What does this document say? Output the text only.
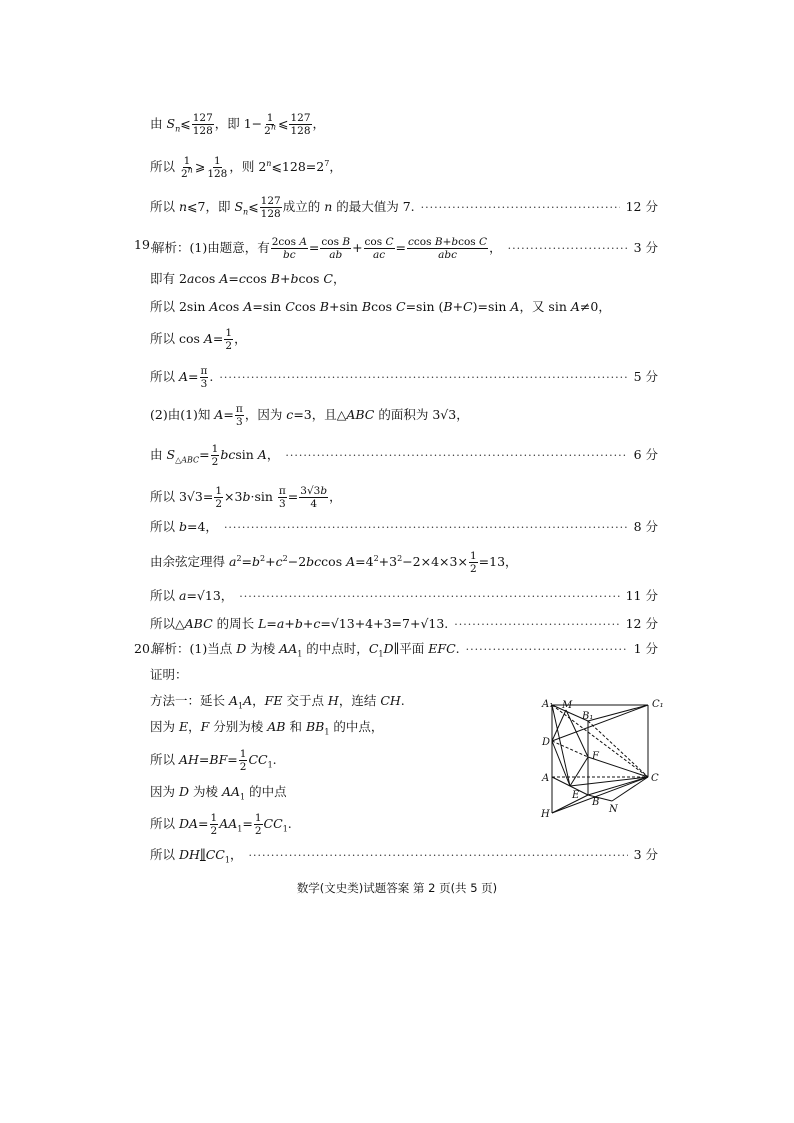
由 $S_n⩽ \frac{127}{128}$ ，即 $1- \frac{1}{2^n}$ ⩽ $\frac{127}{128}$ ，
所以 $\frac{1}{2^n}$ ⩾ $\frac{1}{128}$ ，则 $2^n⩽128=2^7$，
所以 n⩽7，即 $S_n⩽ \frac{127}{128}$ 成立的 n 的最大值为 7. ·····	12 分
19.
解析：(1)由题意，有 $\frac{\text{2cos A}}{bc} = \frac{\text{cos B}}{ab} + \frac{\text{cos C}}{ac} = \frac{\text{ccos B+bcos C}}{\text{abc}}$ ， ·····	3 分
即有 2acos A=ccos B+bcos C，
所以 2sin Acos A=sin Ccos B+sin Bcos C=sin (B+C)=sin A，又 sin A≠0，
所以 $\cos A= \frac{1}{2}$ ，
所以 $A= \frac{\pi}{3}$ . ·····	5 分
(2)由(1)知 $A= \frac{\pi}{3}$ ，因为 c=3，且△ABC 的面积为 3√3，
由 $S_{\triangle ABC}= \frac{1}{2}$ bcsin A， ·····	6 分
所以 $3√3= \frac{1}{2} \times 3b\cdot\sin \frac{\pi}{3} = \frac{3√3b}{4}$ ，
所以 b=4， ·····	8 分
由余弦定理得 $a^2=b^2+c^2-2bccos$ $A=4^2+3^2-2\times 4\times 3\times \frac{1}{2} =13$，
所以 a=√13， ·····	11 分
所以△ABC 的周长 L=a+b+c=√13+4+3=7+√13. ·····	12 分
20.
解析：(1)当点 D 为棱 $AA_1$ 的中点时，$C_1D\parallel$平面 EFC. ·····	1 分
证明：
方法一：延长 $A_1A$，FE 交于点 H，连结 CH.
因为 E，F 分别为棱 AB 和 $BB_1$ 的中点，
所以 $AH=BF= \frac{1}{2} CC_1$.
因为 D 为棱 $AA_1$ 的中点
所以 $DA= \frac{1}{2} AA_1= \frac{1}{2} CC_1$.
所以 $DH\parallel CC_1$， ·····	3 分
A₁ M
B₁
C₁
D
F
A	C
E
B
H	N
数学(文史类)试题答案 第 2 页(共 5 页)
